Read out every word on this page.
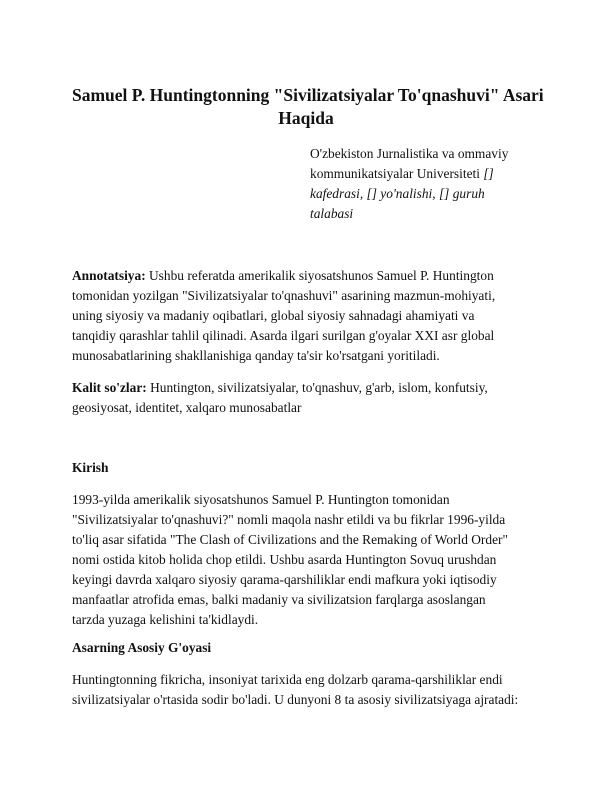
Samuel P. Huntingtonning "Sivilizatsiyalar To'qnashuvi" Asari
Haqida

O'zbekiston Jurnalistika va ommaviy
kommunikatsiyalar Universiteti []
kafedrasi, [] yo'nalishi, [] guruh
talabasi

Annotatsiya: Ushbu referatda amerikalik siyosatshunos Samuel P. Huntington
tomonidan yozilgan "Sivilizatsiyalar to'qnashuvi" asarining mazmun-mohiyati,
uning siyosiy va madaniy oqibatlari, global siyosiy sahnadagi ahamiyati va
tanqidiy qarashlar tahlil qilinadi. Asarda ilgari surilgan g'oyalar XXI asr global
munosabatlarining shakllanishiga qanday ta'sir ko'rsatgani yoritiladi.

Kalit so'zlar: Huntington, sivilizatsiyalar, to'qnashuv, g'arb, islom, konfutsiy,
geosiyosat, identitet, xalqaro munosabatlar

Kirish

1993-yilda amerikalik siyosatshunos Samuel P. Huntington tomonidan
"Sivilizatsiyalar to'qnashuvi?" nomli maqola nashr etildi va bu fikrlar 1996-yilda
to'liq asar sifatida "The Clash of Civilizations and the Remaking of World Order"
nomi ostida kitob holida chop etildi. Ushbu asarda Huntington Sovuq urushdan
keyingi davrda xalqaro siyosiy qarama-qarshiliklar endi mafkura yoki iqtisodiy
manfaatlar atrofida emas, balki madaniy va sivilizatsion farqlarga asoslangan
tarzda yuzaga kelishini ta'kidlaydi.

Asarning Asosiy G'oyasi

Huntingtonning fikricha, insoniyat tarixida eng dolzarb qarama-qarshiliklar endi
sivilizatsiyalar o'rtasida sodir bo'ladi. U dunyoni 8 ta asosiy sivilizatsiyaga ajratadi:
